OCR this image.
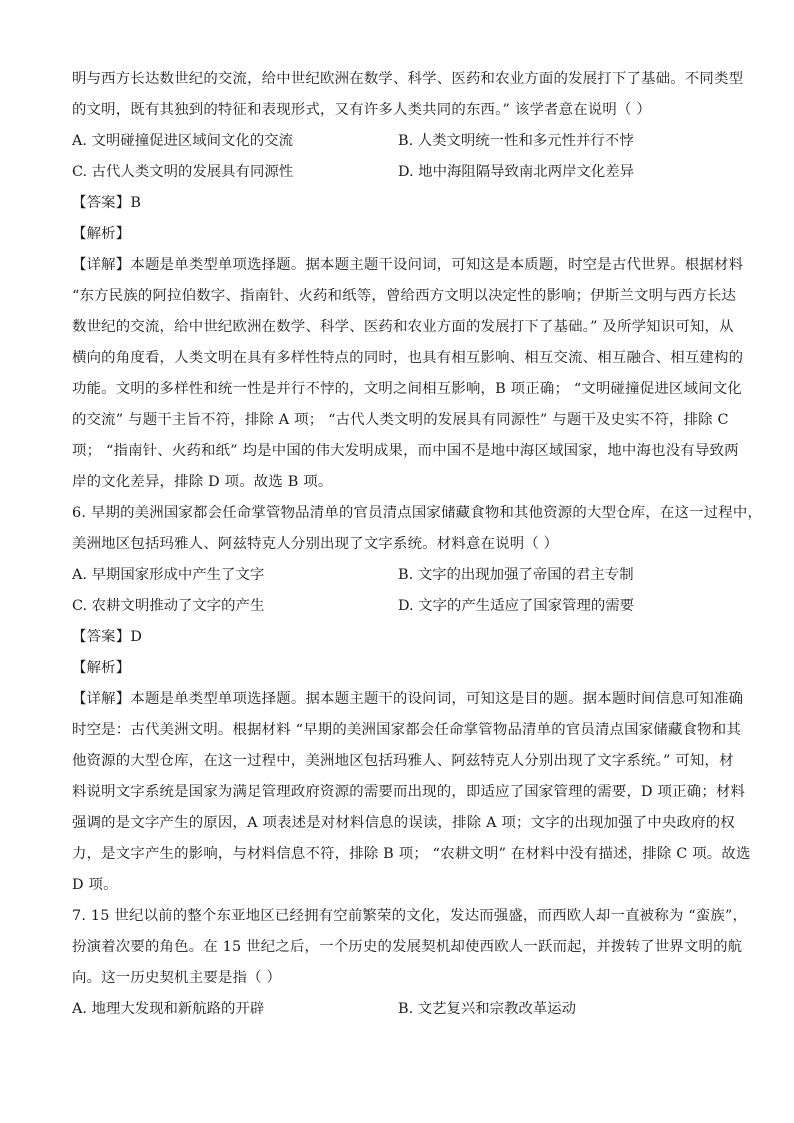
明与西方长达数世纪的交流，给中世纪欧洲在数学、科学、医药和农业方面的发展打下了基础。不同类型
的文明，既有其独到的特征和表现形式，又有许多人类共同的东西。” 该学者意在说明（ ）
A. 文明碰撞促进区域间文化的交流	B. 人类文明统一性和多元性并行不悖
C. 古代人类文明的发展具有同源性	D. 地中海阻隔导致南北两岸文化差异
【答案】B
【解析】
【详解】本题是单类型单项选择题。据本题主题干设问词，可知这是本质题，时空是古代世界。根据材料
“东方民族的阿拉伯数字、指南针、火药和纸等，曾给西方文明以决定性的影响；伊斯兰文明与西方长达
数世纪的交流，给中世纪欧洲在数学、科学、医药和农业方面的发展打下了基础。” 及所学知识可知，从
横向的角度看，人类文明在具有多样性特点的同时，也具有相互影响、相互交流、相互融合、相互建构的
功能。文明的多样性和统一性是并行不悖的，文明之间相互影响，B 项正确； “文明碰撞促进区域间文化
的交流” 与题干主旨不符，排除 A 项； “古代人类文明的发展具有同源性” 与题干及史实不符，排除 C
项； “指南针、火药和纸” 均是中国的伟大发明成果，而中国不是地中海区域国家，地中海也没有导致两
岸的文化差异，排除 D 项。故选 B 项。
6. 早期的美洲国家都会任命掌管物品清单的官员清点国家储藏食物和其他资源的大型仓库，在这一过程中，
美洲地区包括玛雅人、阿兹特克人分别出现了文字系统。材料意在说明（ ）
A. 早期国家形成中产生了文字	B. 文字的出现加强了帝国的君主专制
C. 农耕文明推动了文字的产生	D. 文字的产生适应了国家管理的需要
【答案】D
【解析】
【详解】本题是单类型单项选择题。据本题主题干的设问词，可知这是目的题。据本题时间信息可知准确
时空是：古代美洲文明。根据材料 “早期的美洲国家都会任命掌管物品清单的官员清点国家储藏食物和其
他资源的大型仓库，在这一过程中，美洲地区包括玛雅人、阿兹特克人分别出现了文字系统。” 可知，材
料说明文字系统是国家为满足管理政府资源的需要而出现的，即适应了国家管理的需要，D 项正确；材料
强调的是文字产生的原因，A 项表述是对材料信息的误读，排除 A 项；文字的出现加强了中央政府的权
力，是文字产生的影响，与材料信息不符，排除 B 项； “农耕文明” 在材料中没有描述，排除 C 项。故选
D 项。
7. 15 世纪以前的整个东亚地区已经拥有空前繁荣的文化，发达而强盛，而西欧人却一直被称为 “蛮族”，
扮演着次要的角色。在 15 世纪之后，一个历史的发展契机却使西欧人一跃而起，并拨转了世界文明的航
向。这一历史契机主要是指（ ）
A. 地理大发现和新航路的开辟	B. 文艺复兴和宗教改革运动
